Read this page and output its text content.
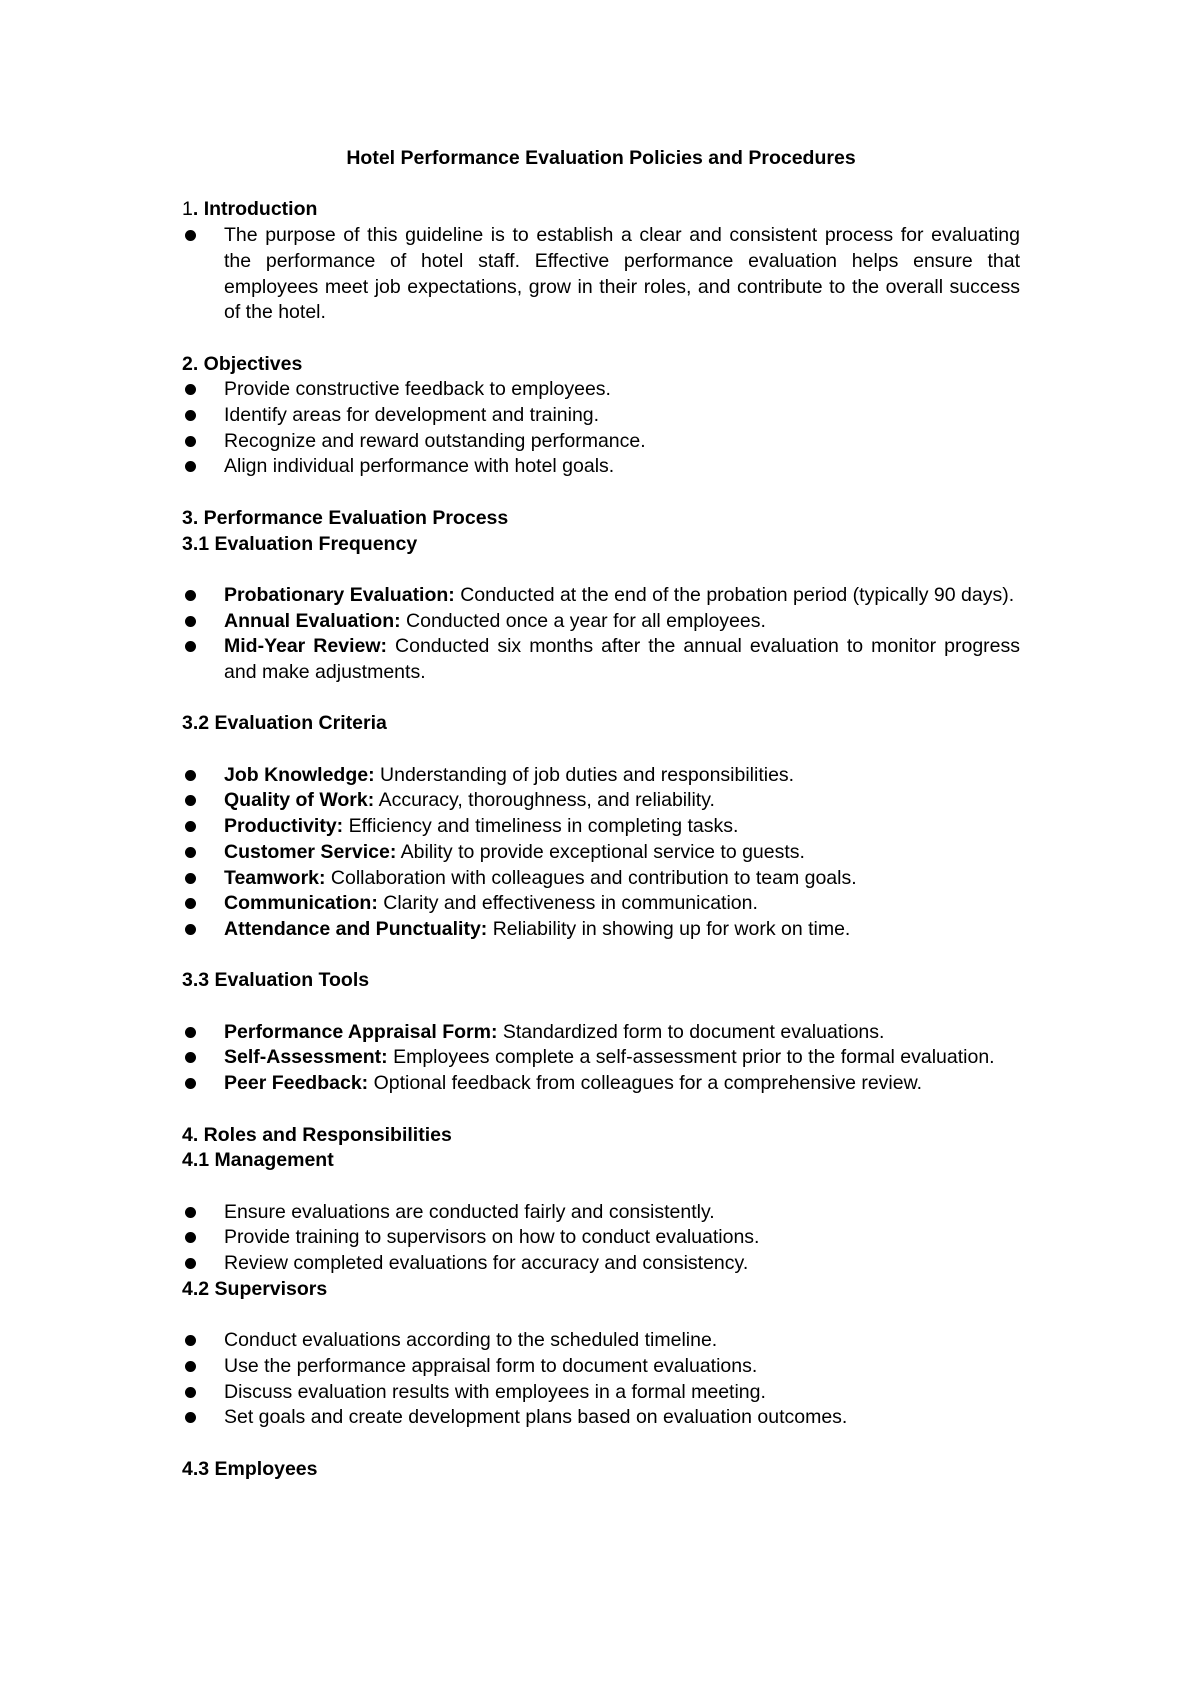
Hotel Performance Evaluation Policies and Procedures
1. Introduction
The purpose of this guideline is to establish a clear and consistent process for evaluating the performance of hotel staff. Effective performance evaluation helps ensure that employees meet job expectations, grow in their roles, and contribute to the overall success of the hotel.
2. Objectives
Provide constructive feedback to employees.
Identify areas for development and training.
Recognize and reward outstanding performance.
Align individual performance with hotel goals.
3. Performance Evaluation Process
3.1 Evaluation Frequency
Probationary Evaluation: Conducted at the end of the probation period (typically 90 days).
Annual Evaluation: Conducted once a year for all employees.
Mid-Year Review: Conducted six months after the annual evaluation to monitor progress and make adjustments.
3.2 Evaluation Criteria
Job Knowledge: Understanding of job duties and responsibilities.
Quality of Work: Accuracy, thoroughness, and reliability.
Productivity: Efficiency and timeliness in completing tasks.
Customer Service: Ability to provide exceptional service to guests.
Teamwork: Collaboration with colleagues and contribution to team goals.
Communication: Clarity and effectiveness in communication.
Attendance and Punctuality: Reliability in showing up for work on time.
3.3 Evaluation Tools
Performance Appraisal Form: Standardized form to document evaluations.
Self-Assessment: Employees complete a self-assessment prior to the formal evaluation.
Peer Feedback: Optional feedback from colleagues for a comprehensive review.
4. Roles and Responsibilities
4.1 Management
Ensure evaluations are conducted fairly and consistently.
Provide training to supervisors on how to conduct evaluations.
Review completed evaluations for accuracy and consistency.
4.2 Supervisors
Conduct evaluations according to the scheduled timeline.
Use the performance appraisal form to document evaluations.
Discuss evaluation results with employees in a formal meeting.
Set goals and create development plans based on evaluation outcomes.
4.3 Employees
